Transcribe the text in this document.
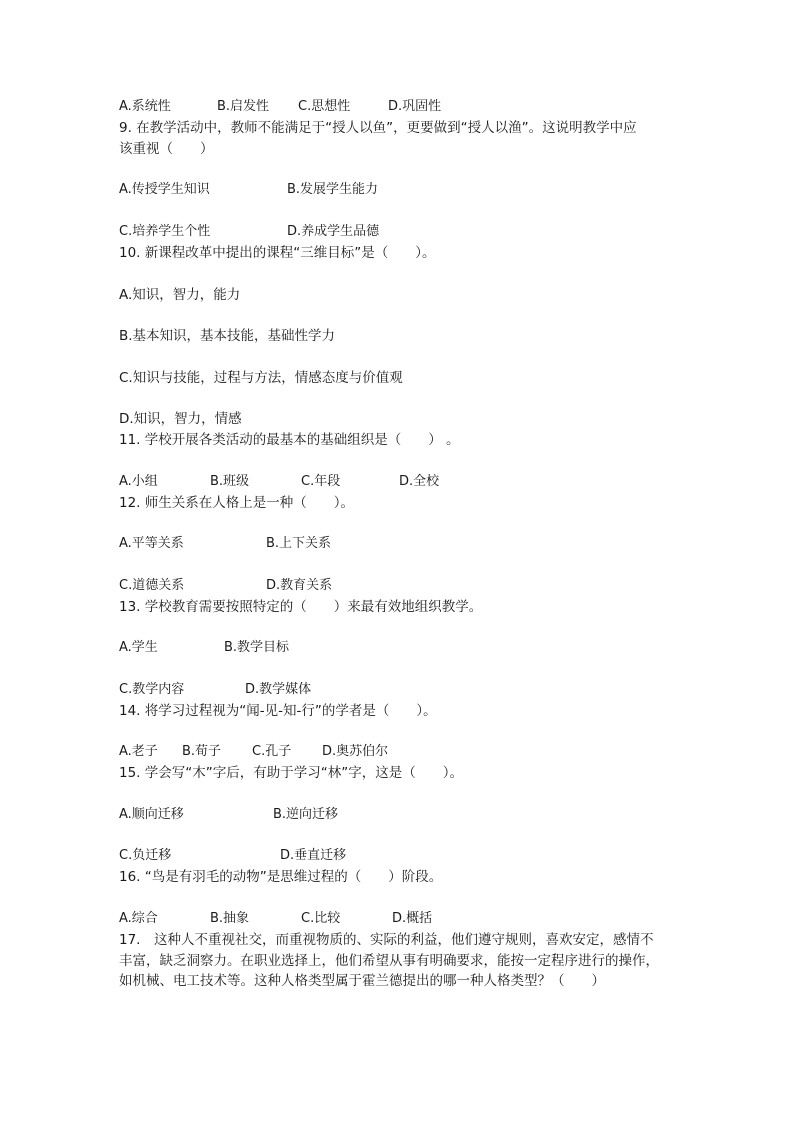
A.系统性	B.启发性 C.思想性	D.巩固性
9. 在教学活动中，教师不能满足于“授人以鱼”，更要做到“授人以渔”。这说明教学中应
该重视（　　）
A.传授学生知识	B.发展学生能力
C.培养学生个性	D.养成学生品德
10. 新课程改革中提出的课程“三维目标”是（　　）。
A.知识，智力，能力
B.基本知识，基本技能，基础性学力
C.知识与技能，过程与方法，情感态度与价值观
D.知识，智力，情感
11. 学校开展各类活动的最基本的基础组织是（　　） 。
A.小组	B.班级	C.年段	D.全校
12. 师生关系在人格上是一种（　　）。
A.平等关系	B.上下关系
C.道德关系	D.教育关系
13. 学校教育需要按照特定的（　　）来最有效地组织教学。
A.学生	B.教学目标
C.教学内容	D.教学媒体
14. 将学习过程视为“闻-见-知-行”的学者是（　　）。
A.老子 B.荀子 C.孔子 D.奥苏伯尔
15. 学会写“木”字后，有助于学习“林”字，这是（　　）。
A.顺向迁移	B.逆向迁移
C.负迁移	D.垂直迁移
16. “鸟是有羽毛的动物”是思维过程的（　　）阶段。
A.综合	B.抽象	C.比较	D.概括
17.　这种人不重视社交，而重视物质的、实际的利益，他们遵守规则，喜欢安定，感情不
丰富，缺乏洞察力。在职业选择上，他们希望从事有明确要求，能按一定程序进行的操作，
如机械、电工技术等。这种人格类型属于霍兰德提出的哪一种人格类型？（　　）
